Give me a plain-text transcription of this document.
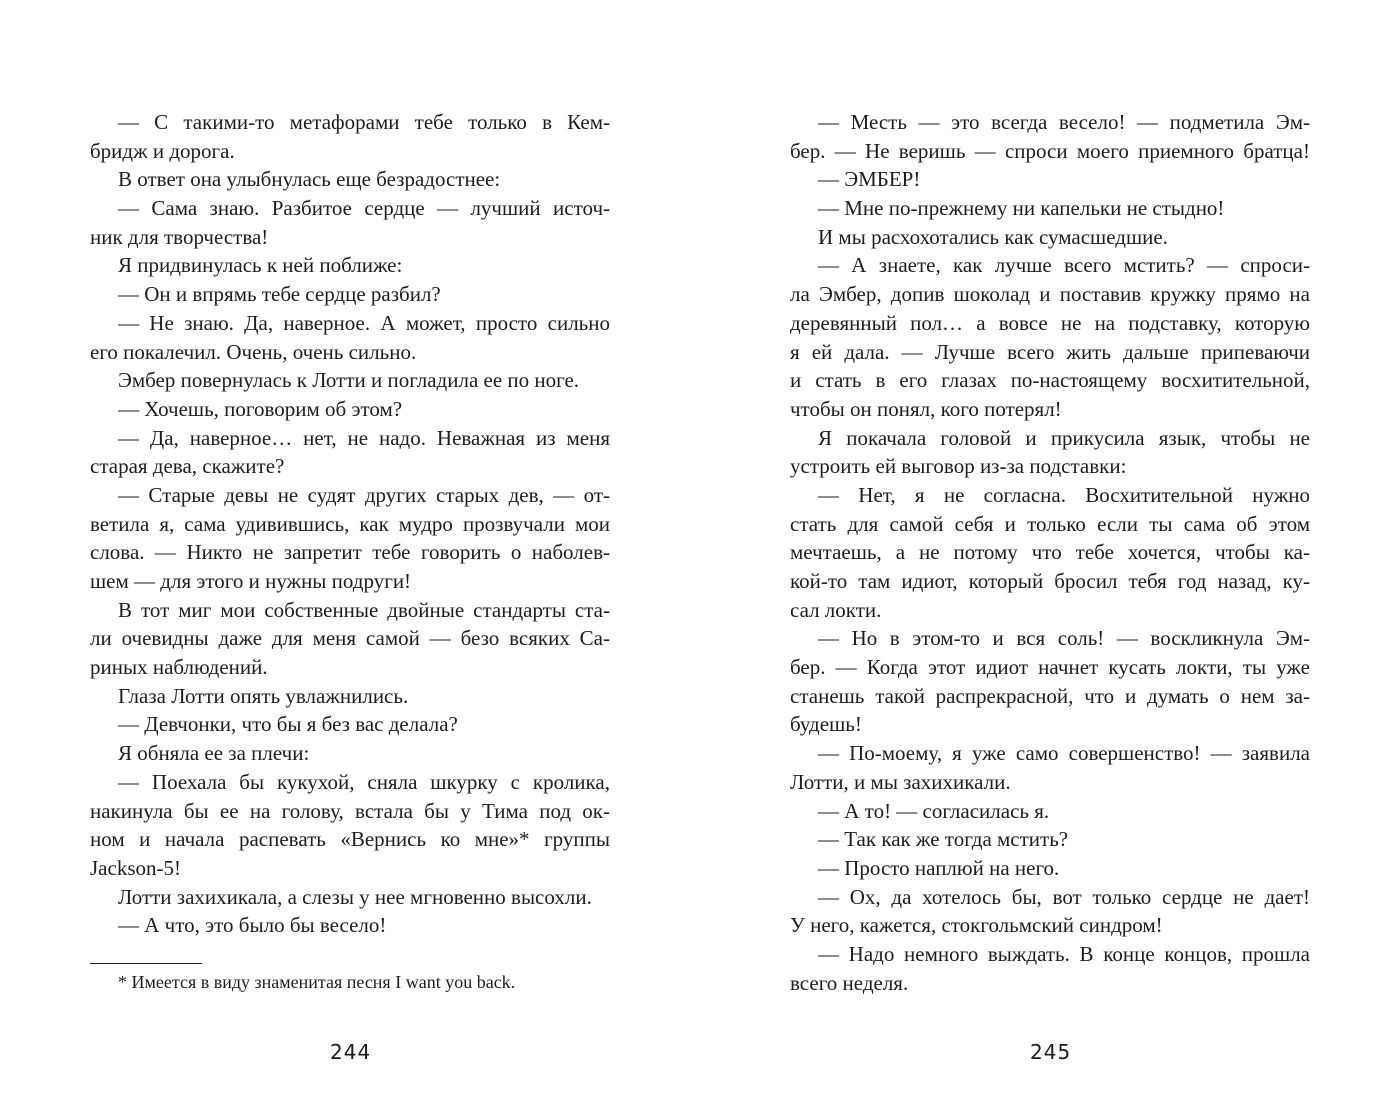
— С такими-то метафорами тебе только в Кем-
бридж и дорога.
В ответ она улыбнулась еще безрадостнее:
— Сама знаю. Разбитое сердце — лучший источ-
ник для творчества!
Я придвинулась к ней поближе:
— Он и впрямь тебе сердце разбил?
— Не знаю. Да, наверное. А может, просто сильно
его покалечил. Очень, очень сильно.
Эмбер повернулась к Лотти и погладила ее по ноге.
— Хочешь, поговорим об этом?
— Да, наверное… нет, не надо. Неважная из меня
старая дева, скажите?
— Старые девы не судят других старых дев, — от-
ветила я, сама удивившись, как мудро прозвучали мои
слова. — Никто не запретит тебе говорить о наболев-
шем — для этого и нужны подруги!
В тот миг мои собственные двойные стандарты ста-
ли очевидны даже для меня самой — безо всяких Са-
риных наблюдений.
Глаза Лотти опять увлажнились.
— Девчонки, что бы я без вас делала?
Я обняла ее за плечи:
— Поехала бы кукухой, сняла шкурку с кролика,
накинула бы ее на голову, встала бы у Тима под ок-
ном и начала распевать «Вернись ко мне»* группы
Jackson-5!
Лотти захихикала, а слезы у нее мгновенно высохли.
— А что, это было бы весело!
* Имеется в виду знаменитая песня I want you back.
244
— Месть — это всегда весело! — подметила Эм-
бер. — Не веришь — спроси моего приемного братца!
— ЭМБЕР!
— Мне по-прежнему ни капельки не стыдно!
И мы расхохотались как сумасшедшие.
— А знаете, как лучше всего мстить? — спроси-
ла Эмбер, допив шоколад и поставив кружку прямо на
деревянный пол… а вовсе не на подставку, которую
я ей дала. — Лучше всего жить дальше припеваючи
и стать в его глазах по-настоящему восхитительной,
чтобы он понял, кого потерял!
Я покачала головой и прикусила язык, чтобы не
устроить ей выговор из-за подставки:
— Нет, я не согласна. Восхитительной нужно
стать для самой себя и только если ты сама об этом
мечтаешь, а не потому что тебе хочется, чтобы ка-
кой-то там идиот, который бросил тебя год назад, ку-
сал локти.
— Но в этом-то и вся соль! — воскликнула Эм-
бер. — Когда этот идиот начнет кусать локти, ты уже
станешь такой распрекрасной, что и думать о нем за-
будешь!
— По-моему, я уже само совершенство! — заявила
Лотти, и мы захихикали.
— А то! — согласилась я.
— Так как же тогда мстить?
— Просто наплюй на него.
— Ох, да хотелось бы, вот только сердце не дает!
У него, кажется, стокгольмский синдром!
— Надо немного выждать. В конце концов, прошла
всего неделя.
245
